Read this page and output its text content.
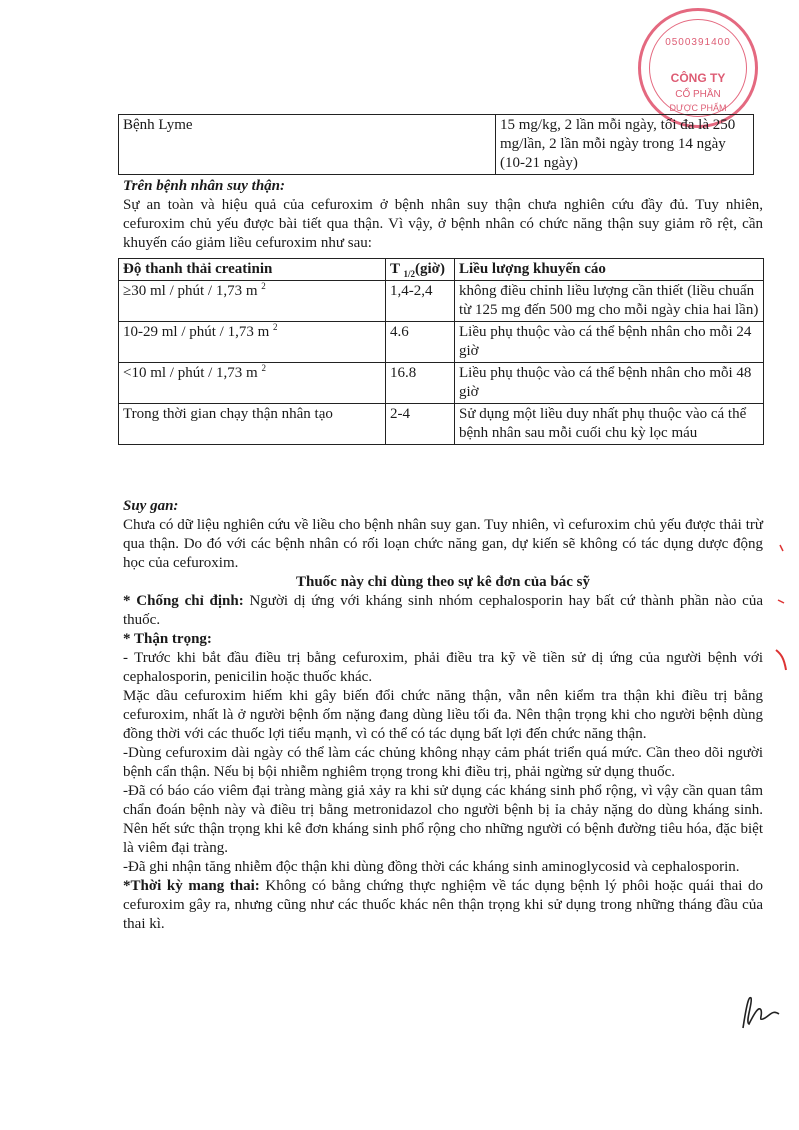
0500391400
CÔNG TY
CỔ PHẦN
DƯỢC PHẨM
Bệnh Lyme	15 mg/kg, 2 lần mỗi ngày, tối đa là 250 mg/lần, 2 lần mỗi ngày trong 14 ngày (10-21 ngày)

Trên bệnh nhân suy thận:

Sự an toàn và hiệu quả của cefuroxim ở bệnh nhân suy thận chưa nghiên cứu đầy đủ. Tuy nhiên, cefuroxim chủ yếu được bài tiết qua thận. Vì vậy, ở bệnh nhân có chức năng thận suy giảm rõ rệt, cần khuyến cáo giảm liều cefuroxim như sau:

Độ thanh thải creatinin	T $_{1/2}$(giờ)	Liều lượng khuyến cáo
≥30 ml / phút / 1,73 m $^2$	1,4-2,4	không điều chỉnh liều lượng cần thiết (liều chuẩn từ 125 mg đến 500 mg cho mỗi ngày chia hai lần)
10-29 ml / phút / 1,73 m $^2$	4.6	Liều phụ thuộc vào cá thể bệnh nhân cho mỗi 24 giờ
<10 ml / phút / 1,73 m $^2$	16.8	Liều phụ thuộc vào cá thể bệnh nhân cho mỗi 48 giờ
Trong thời gian chạy thận nhân tạo	2-4	Sử dụng một liều duy nhất phụ thuộc vào cá thể bệnh nhân sau mỗi cuối chu kỳ lọc máu

Suy gan:

Chưa có dữ liệu nghiên cứu về liều cho bệnh nhân suy gan. Tuy nhiên, vì cefuroxim chủ yếu được thải trừ qua thận. Do đó với các bệnh nhân có rối loạn chức năng gan, dự kiến sẽ không có tác dụng dược động học của cefuroxim.

Thuốc này chỉ dùng theo sự kê đơn của bác sỹ

* Chống chỉ định: Người dị ứng với kháng sinh nhóm cephalosporin hay bất cứ thành phần nào của thuốc.

* Thận trọng:

- Trước khi bắt đầu điều trị bằng cefuroxim, phải điều tra kỹ về tiền sử dị ứng của người bệnh với cephalosporin, penicilin hoặc thuốc khác.

Mặc dầu cefuroxim hiếm khi gây biến đổi chức năng thận, vẫn nên kiểm tra thận khi điều trị bằng cefuroxim, nhất là ở người bệnh ốm nặng đang dùng liều tối đa. Nên thận trọng khi cho người bệnh dùng đồng thời với các thuốc lợi tiểu mạnh, vì có thể có tác dụng bất lợi đến chức năng thận.

-Dùng cefuroxim dài ngày có thể làm các chủng không nhạy cảm phát triển quá mức. Cần theo dõi người bệnh cẩn thận. Nếu bị bội nhiễm nghiêm trọng trong khi điều trị, phải ngừng sử dụng thuốc.

-Đã có báo cáo viêm đại tràng màng giả xảy ra khi sử dụng các kháng sinh phổ rộng, vì vậy cần quan tâm chẩn đoán bệnh này và điều trị bằng metronidazol cho người bệnh bị ỉa chảy nặng do dùng kháng sinh. Nên hết sức thận trọng khi kê đơn kháng sinh phổ rộng cho những người có bệnh đường tiêu hóa, đặc biệt là viêm đại tràng.

-Đã ghi nhận tăng nhiễm độc thận khi dùng đồng thời các kháng sinh aminoglycosid và cephalosporin.

*Thời kỳ mang thai: Không có bằng chứng thực nghiệm về tác dụng bệnh lý phôi hoặc quái thai do cefuroxim gây ra, nhưng cũng như các thuốc khác nên thận trọng khi sử dụng trong những tháng đầu của thai kì.
